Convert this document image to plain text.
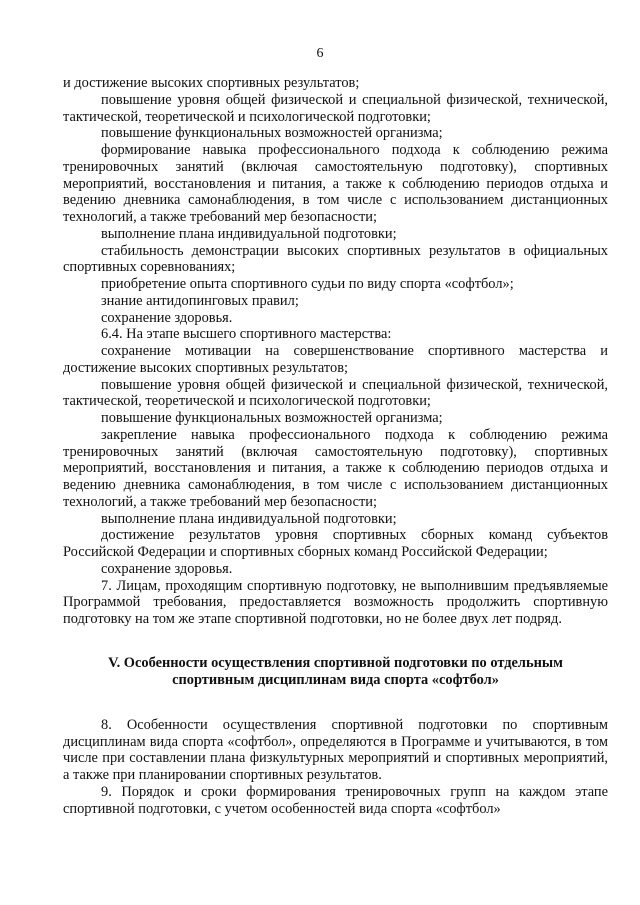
6

и достижение высоких спортивных результатов;

повышение уровня общей физической и специальной физической, технической, тактической, теоретической и психологической подготовки;

повышение функциональных возможностей организма;

формирование навыка профессионального подхода к соблюдению режима тренировочных занятий (включая самостоятельную подготовку), спортивных мероприятий, восстановления и питания, а также к соблюдению периодов отдыха и ведению дневника самонаблюдения, в том числе с использованием дистанционных технологий, а также требований мер безопасности;

выполнение плана индивидуальной подготовки;

стабильность демонстрации высоких спортивных результатов в официальных спортивных соревнованиях;

приобретение опыта спортивного судьи по виду спорта «софтбол»;

знание антидопинговых правил;

сохранение здоровья.

6.4. На этапе высшего спортивного мастерства:

сохранение мотивации на совершенствование спортивного мастерства и достижение высоких спортивных результатов;

повышение уровня общей физической и специальной физической, технической, тактической, теоретической и психологической подготовки;

повышение функциональных возможностей организма;

закрепление навыка профессионального подхода к соблюдению режима тренировочных занятий (включая самостоятельную подготовку), спортивных мероприятий, восстановления и питания, а также к соблюдению периодов отдыха и ведению дневника самонаблюдения, в том числе с использованием дистанционных технологий, а также требований мер безопасности;

выполнение плана индивидуальной подготовки;

достижение результатов уровня спортивных сборных команд субъектов Российской Федерации и спортивных сборных команд Российской Федерации;

сохранение здоровья.

7. Лицам, проходящим спортивную подготовку, не выполнившим предъявляемые Программой требования, предоставляется возможность продолжить спортивную подготовку на том же этапе спортивной подготовки, но не более двух лет подряд.

V. Особенности осуществления спортивной подготовки по отдельным спортивным дисциплинам вида спорта «софтбол»

8. Особенности осуществления спортивной подготовки по спортивным дисциплинам вида спорта «софтбол», определяются в Программе и учитываются, в том числе при составлении плана физкультурных мероприятий и спортивных мероприятий, а также при планировании спортивных результатов.

9. Порядок и сроки формирования тренировочных групп на каждом этапе спортивной подготовки, с учетом особенностей вида спорта «софтбол»
